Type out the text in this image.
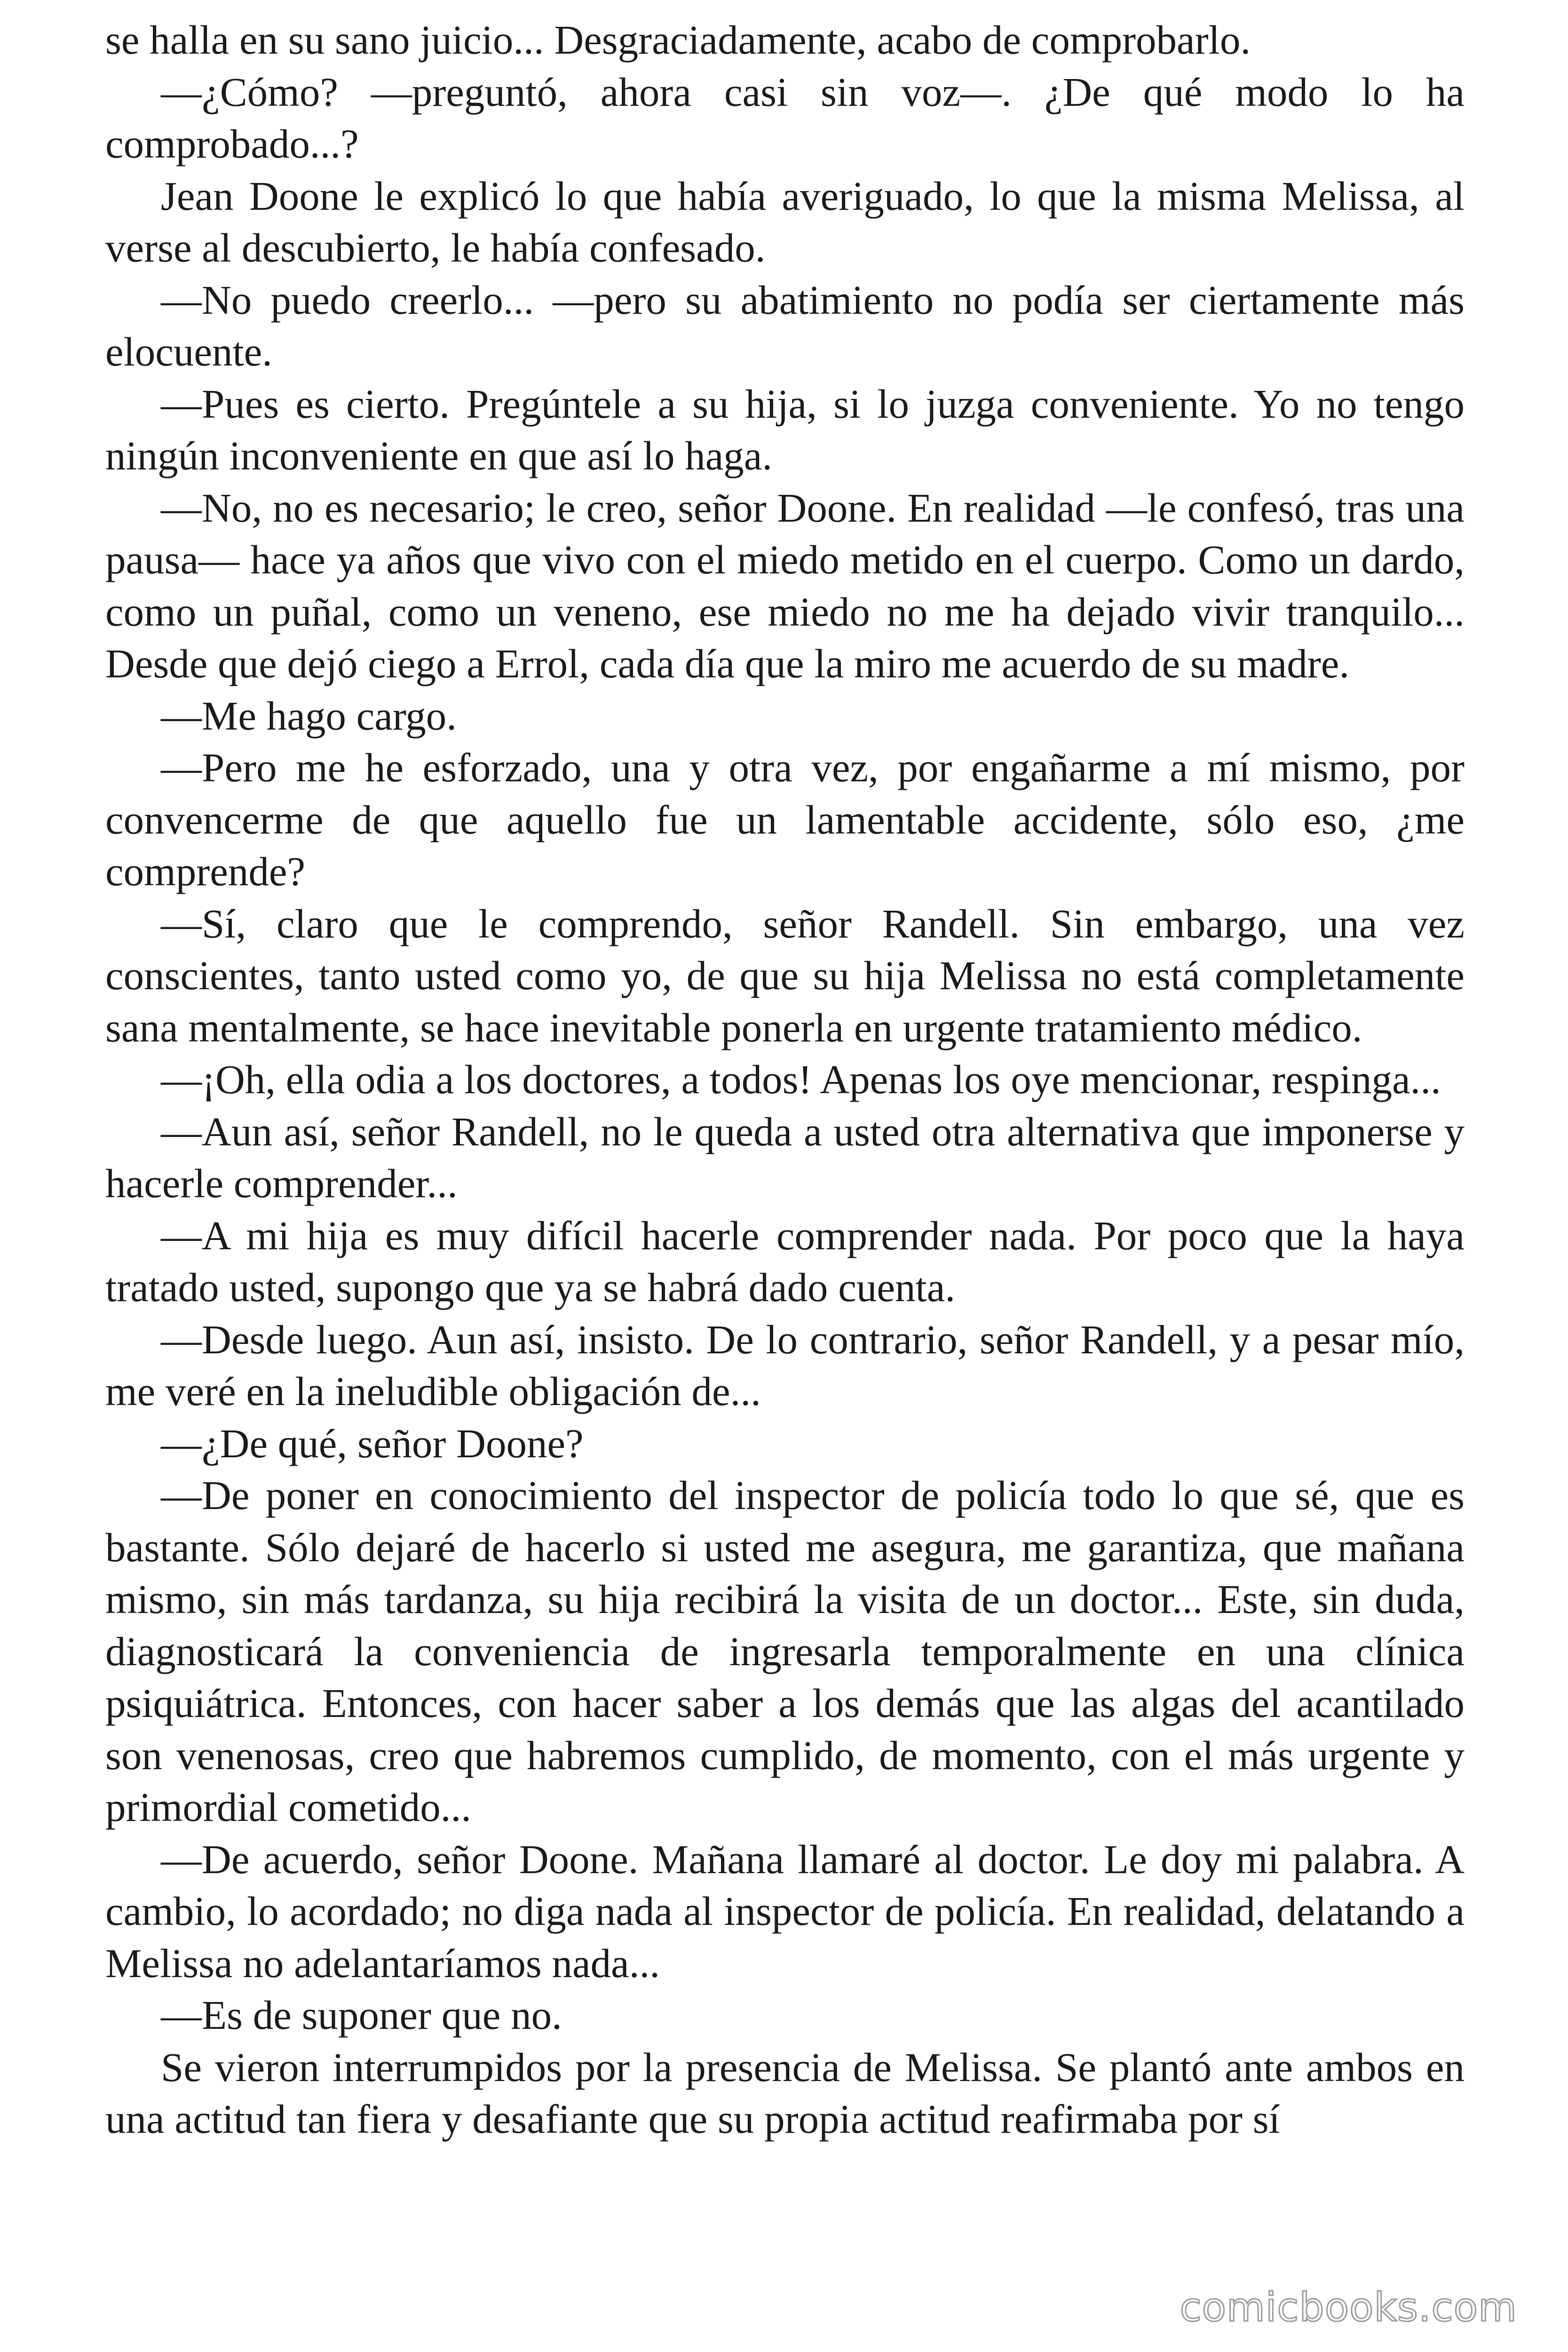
se halla en su sano juicio... Desgraciadamente, acabo de comprobarlo.

—¿Cómo? —preguntó, ahora casi sin voz—. ¿De qué modo lo ha comprobado...?

Jean Doone le explicó lo que había averiguado, lo que la misma Melissa, al verse al descubierto, le había confesado.

—No puedo creerlo... —pero su abatimiento no podía ser ciertamente más elocuente.

—Pues es cierto. Pregúntele a su hija, si lo juzga conveniente. Yo no tengo ningún inconveniente en que así lo haga.

—No, no es necesario; le creo, señor Doone. En realidad —le confesó, tras una pausa— hace ya años que vivo con el miedo metido en el cuerpo. Como un dardo, como un puñal, como un veneno, ese miedo no me ha dejado vivir tranquilo... Desde que dejó ciego a Errol, cada día que la miro me acuerdo de su madre.

—Me hago cargo.

—Pero me he esforzado, una y otra vez, por engañarme a mí mismo, por convencerme de que aquello fue un lamentable accidente, sólo eso, ¿me comprende?

—Sí, claro que le comprendo, señor Randell. Sin embargo, una vez conscientes, tanto usted como yo, de que su hija Melissa no está completamente sana mentalmente, se hace inevitable ponerla en urgente tratamiento médico.

—¡Oh, ella odia a los doctores, a todos! Apenas los oye mencionar, respinga...

—Aun así, señor Randell, no le queda a usted otra alternativa que imponerse y hacerle comprender...

—A mi hija es muy difícil hacerle comprender nada. Por poco que la haya tratado usted, supongo que ya se habrá dado cuenta.

—Desde luego. Aun así, insisto. De lo contrario, señor Randell, y a pesar mío, me veré en la ineludible obligación de...

—¿De qué, señor Doone?

—De poner en conocimiento del inspector de policía todo lo que sé, que es bastante. Sólo dejaré de hacerlo si usted me asegura, me garantiza, que mañana mismo, sin más tardanza, su hija recibirá la visita de un doctor... Este, sin duda, diagnosticará la conveniencia de ingresarla temporalmente en una clínica psiquiátrica. Entonces, con hacer saber a los demás que las algas del acantilado son venenosas, creo que habremos cumplido, de momento, con el más urgente y primordial cometido...

—De acuerdo, señor Doone. Mañana llamaré al doctor. Le doy mi palabra. A cambio, lo acordado; no diga nada al inspector de policía. En realidad, delatando a Melissa no adelantaríamos nada...

—Es de suponer que no.

Se vieron interrumpidos por la presencia de Melissa. Se plantó ante ambos en una actitud tan fiera y desafiante que su propia actitud reafirmaba por sí

comicbooks.com
